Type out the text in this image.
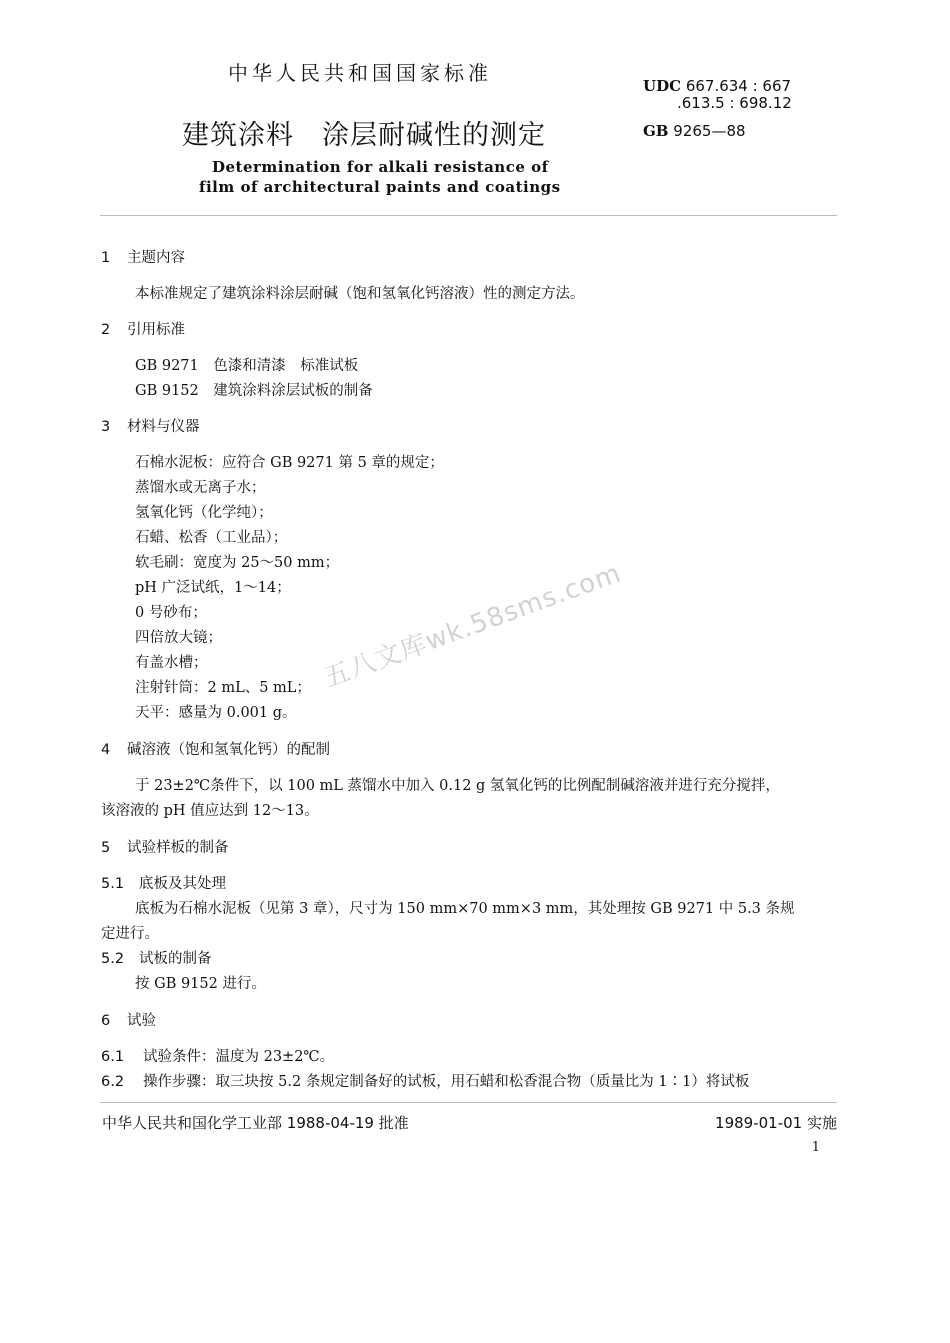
中华人民共和国国家标准
建筑涂料　涂层耐碱性的测定
Determination for alkali resistance of
film of architectural paints and coatings
UDC 667.634 : 667
.613.5 : 698.12
GB 9265—88
1 主题内容
本标准规定了建筑涂料涂层耐碱（饱和氢氧化钙溶液）性的测定方法。
2 引用标准
GB 9271　色漆和清漆　标准试板
GB 9152　建筑涂料涂层试板的制备
3 材料与仪器
石棉水泥板：应符合 GB 9271 第 5 章的规定；
蒸馏水或无离子水；
氢氧化钙（化学纯）；
石蜡、松香（工业品）；
软毛刷：宽度为 25～50 mm；
pH 广泛试纸，1～14；
0 号砂布；
四倍放大镜；
有盖水槽；
注射针筒：2 mL、5 mL；
天平：感量为 0.001 g。
五八文库wk.58sms.com
4 碱溶液（饱和氢氧化钙）的配制
于 23±2℃条件下，以 100 mL 蒸馏水中加入 0.12 g 氢氧化钙的比例配制碱溶液并进行充分搅拌，
该溶液的 pH 值应达到 12～13。
5 试验样板的制备
5.1 底板及其处理
底板为石棉水泥板（见第 3 章），尺寸为 150 mm×70 mm×3 mm，其处理按 GB 9271 中 5.3 条规
定进行。
5.2 试板的制备
按 GB 9152 进行。
6 试验
6.1 试验条件：温度为 23±2℃。
6.2 操作步骤：取三块按 5.2 条规定制备好的试板，用石蜡和松香混合物（质量比为 1∶1）将试板
中华人民共和国化学工业部 1988-04-19 批准	1989-01-01 实施
1
